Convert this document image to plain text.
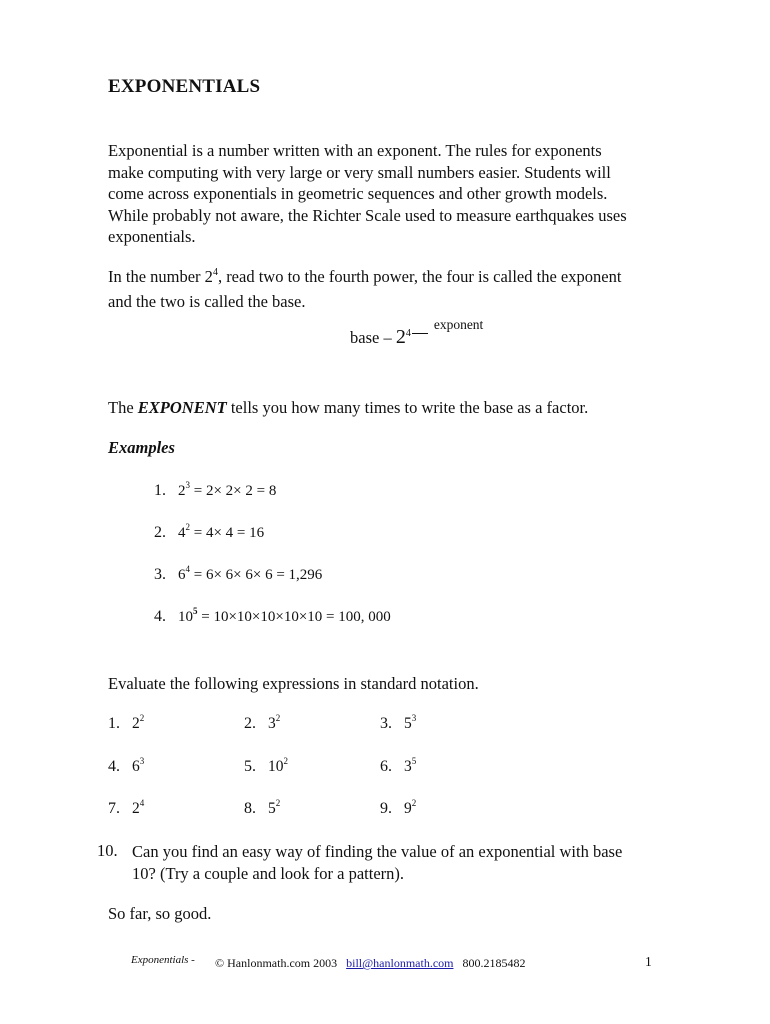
EXPONENTIALS
Exponential is a number written with an exponent. The rules for exponents
make computing with very large or very small numbers easier. Students will
come across exponentials in geometric sequences and other growth models.
While probably not aware, the Richter Scale used to measure earthquakes uses
exponentials.
In the number $2^4$, read two to the fourth power, the four is called the exponent
and the two is called the base.
base – $2^{4exponent}$
The EXPONENT tells you how many times to write the base as a factor.
Examples
1. $2^3 = 2\times 2\times 2 = 8$
2. $4^2 = 4\times 4 = 16$
3. $6^4 = 6\times 6\times 6\times 6 = 1,296$
4. $10^5 = 10\times 10\times 10\times 10\times 10 = 100$, 000
Evaluate the following expressions in standard notation.
1. $2^2$	2. $3^2$	3. $5^3$
4. $6^3$	5. $10^2$	6. $3^5$
7. $2^4$	8. $5^2$	9. $9^2$
10. Can you find an easy way of finding the value of an exponential with base
10? (Try a couple and look for a pattern).
So far, so good.
Exponentials - © Hanlonmath.com 2003 bill@hanlonmath.com 800.2185482	1
